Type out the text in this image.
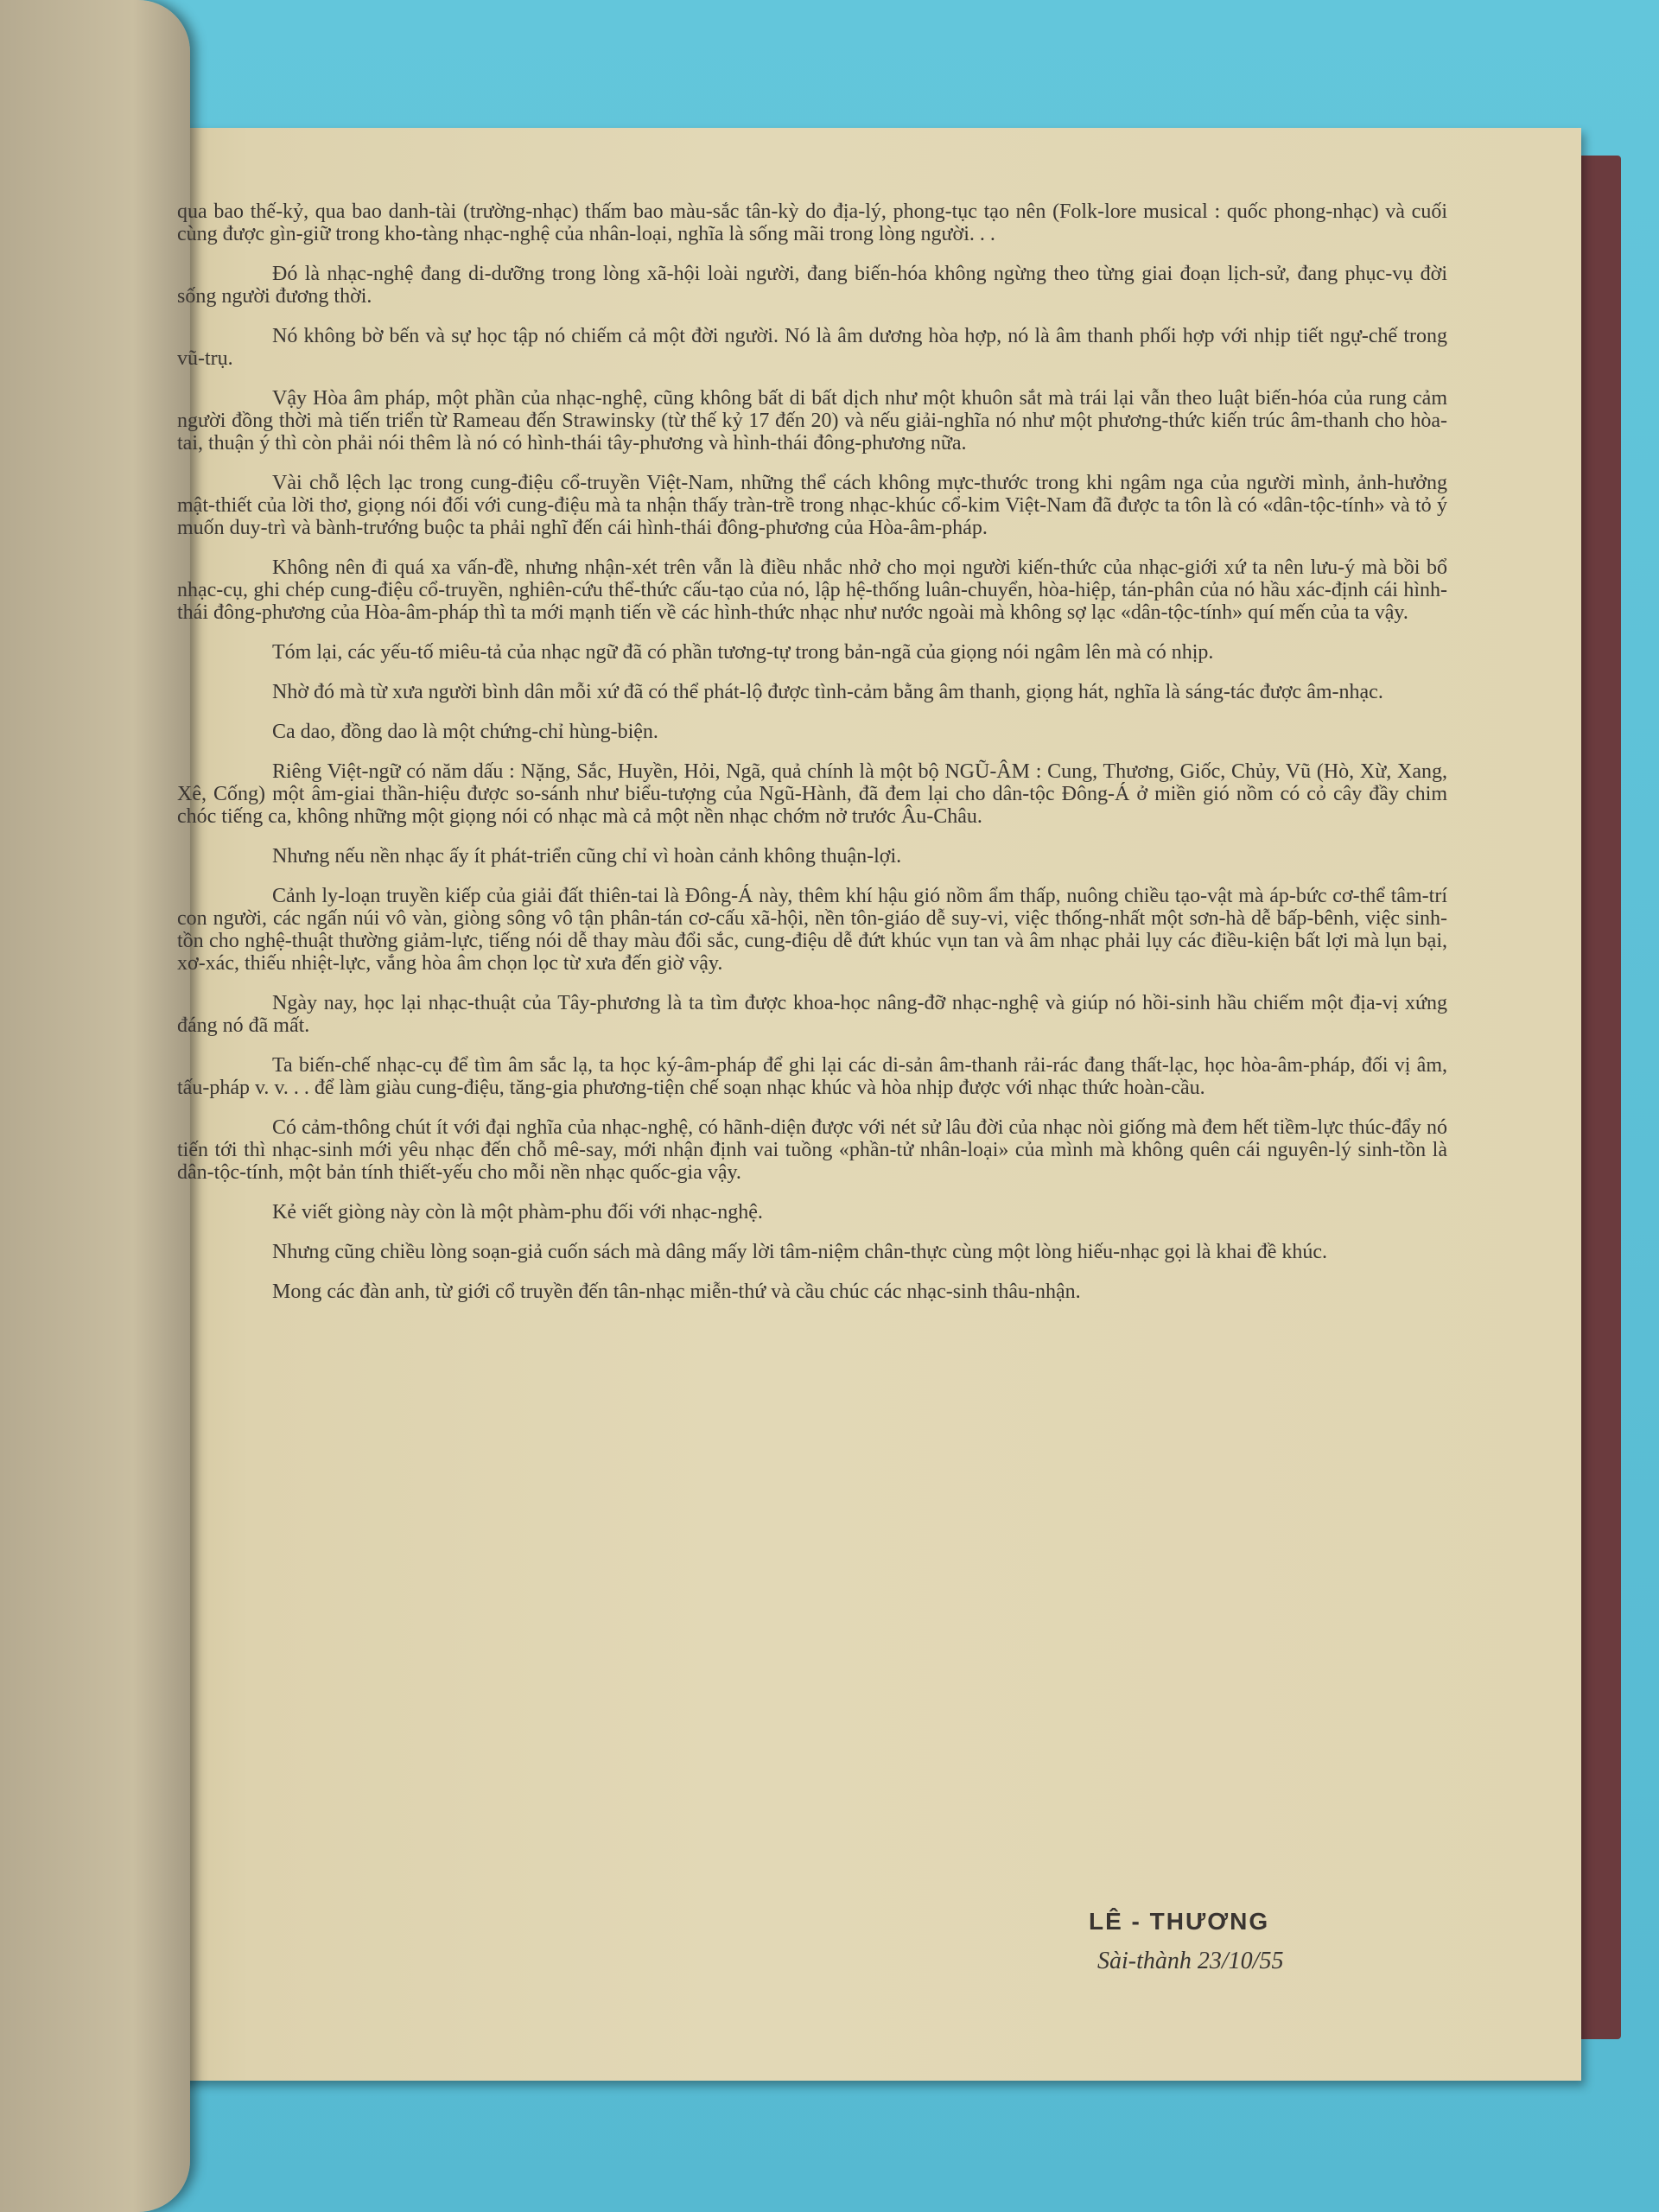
qua bao thế-kỷ, qua bao danh-tài (trường-nhạc) thấm bao màu-sắc tân-kỳ do địa-lý, phong-tục tạo nên (Folk-lore musical : quốc phong-nhạc) và cuối cùng được gìn-giữ trong kho-tàng nhạc-nghệ của nhân-loại, nghĩa là sống mãi trong lòng người. . .

Đó là nhạc-nghệ đang di-dưỡng trong lòng xã-hội loài người, đang biến-hóa không ngừng theo từng giai đoạn lịch-sử, đang phục-vụ đời sống người đương thời.

Nó không bờ bến và sự học tập nó chiếm cả một đời người. Nó là âm dương hòa hợp, nó là âm thanh phối hợp với nhịp tiết ngự-chế trong vũ-trụ.

Vậy Hòa âm pháp, một phần của nhạc-nghệ, cũng không bất di bất dịch như một khuôn sắt mà trái lại vẫn theo luật biến-hóa của rung cảm người đồng thời mà tiến triển từ Rameau đến Strawinsky (từ thế kỷ 17 đến 20) và nếu giải-nghĩa nó như một phương-thức kiến trúc âm-thanh cho hòa-tai, thuận ý thì còn phải nói thêm là nó có hình-thái tây-phương và hình-thái đông-phương nữa.

Vài chỗ lệch lạc trong cung-điệu cổ-truyền Việt-Nam, những thể cách không mực-thước trong khi ngâm nga của người mình, ảnh-hưởng mật-thiết của lời thơ, giọng nói đối với cung-điệu mà ta nhận thấy tràn-trề trong nhạc-khúc cổ-kim Việt-Nam đã được ta tôn là có «dân-tộc-tính» và tỏ ý muốn duy-trì và bành-trướng buộc ta phải nghĩ đến cái hình-thái đông-phương của Hòa-âm-pháp.

Không nên đi quá xa vấn-đề, nhưng nhận-xét trên vẫn là điều nhắc nhở cho mọi người kiến-thức của nhạc-giới xứ ta nên lưu-ý mà bồi bổ nhạc-cụ, ghi chép cung-điệu cổ-truyền, nghiên-cứu thể-thức cấu-tạo của nó, lập hệ-thống luân-chuyển, hòa-hiệp, tán-phân của nó hầu xác-định cái hình-thái đông-phương của Hòa-âm-pháp thì ta mới mạnh tiến về các hình-thức nhạc như nước ngoài mà không sợ lạc «dân-tộc-tính» quí mến của ta vậy.

Tóm lại, các yếu-tố miêu-tả của nhạc ngữ đã có phần tương-tự trong bản-ngã của giọng nói ngâm lên mà có nhịp.

Nhờ đó mà từ xưa người bình dân mỗi xứ đã có thể phát-lộ được tình-cảm bằng âm thanh, giọng hát, nghĩa là sáng-tác được âm-nhạc.

Ca dao, đồng dao là một chứng-chỉ hùng-biện.

Riêng Việt-ngữ có năm dấu : Nặng, Sắc, Huyền, Hỏi, Ngã, quả chính là một bộ NGŨ-ÂM : Cung, Thương, Giốc, Chủy, Vũ (Hò, Xừ, Xang, Xê, Cống) một âm-giai thần-hiệu được so-sánh như biểu-tượng của Ngũ-Hành, đã đem lại cho dân-tộc Đông-Á ở miền gió nồm có cỏ cây đầy chim chóc tiếng ca, không những một giọng nói có nhạc mà cả một nền nhạc chớm nở trước Âu-Châu.

Nhưng nếu nền nhạc ấy ít phát-triển cũng chỉ vì hoàn cảnh không thuận-lợi.

Cảnh ly-loạn truyền kiếp của giải đất thiên-tai là Đông-Á này, thêm khí hậu gió nồm ẩm thấp, nuông chiều tạo-vật mà áp-bức cơ-thể tâm-trí con người, các ngấn núi vô vàn, giòng sông vô tận phân-tán cơ-cấu xã-hội, nền tôn-giáo dễ suy-vi, việc thống-nhất một sơn-hà dễ bấp-bênh, việc sinh-tồn cho nghệ-thuật thường giảm-lực, tiếng nói dễ thay màu đổi sắc, cung-điệu dễ đứt khúc vụn tan và âm nhạc phải lụy các điều-kiện bất lợi mà lụn bại, xơ-xác, thiếu nhiệt-lực, vắng hòa âm chọn lọc từ xưa đến giờ vậy.

Ngày nay, học lại nhạc-thuật của Tây-phương là ta tìm được khoa-học nâng-đỡ nhạc-nghệ và giúp nó hồi-sinh hầu chiếm một địa-vị xứng đáng nó đã mất.

Ta biến-chế nhạc-cụ để tìm âm sắc lạ, ta học ký-âm-pháp để ghi lại các di-sản âm-thanh rải-rác đang thất-lạc, học hòa-âm-pháp, đối vị âm, tấu-pháp v. v. . . để làm giàu cung-điệu, tăng-gia phương-tiện chế soạn nhạc khúc và hòa nhịp được với nhạc thức hoàn-cầu.

Có cảm-thông chút ít với đại nghĩa của nhạc-nghệ, có hãnh-diện được với nét sử lâu đời của nhạc nòi giống mà đem hết tiềm-lực thúc-đẩy nó tiến tới thì nhạc-sinh mới yêu nhạc đến chỗ mê-say, mới nhận định vai tuồng «phần-tử nhân-loại» của mình mà không quên cái nguyên-lý sinh-tồn là dân-tộc-tính, một bản tính thiết-yếu cho mỗi nền nhạc quốc-gia vậy.

Kẻ viết giòng này còn là một phàm-phu đối với nhạc-nghệ.

Nhưng cũng chiều lòng soạn-giả cuốn sách mà dâng mấy lời tâm-niệm chân-thực cùng một lòng hiếu-nhạc gọi là khai đề khúc.

Mong các đàn anh, từ giới cổ truyền đến tân-nhạc miễn-thứ và cầu chúc các nhạc-sinh thâu-nhận.

LÊ - THƯƠNG
Sài-thành 23/10/55
